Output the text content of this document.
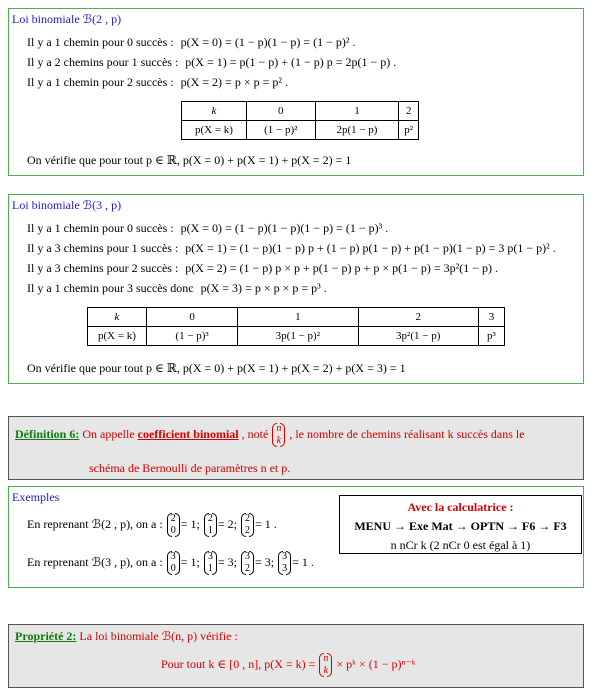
Loi binomiale ℬ(2 , p)
Il y a 1 chemin pour 0 succès : p(X = 0) = (1 − p)(1 − p) = (1 − p)² .
Il y a 2 chemins pour 1 succès : p(X = 1) = p(1 − p) + (1 − p) p = 2p(1 − p) .
Il y a 1 chemin pour 2 succès : p(X = 2) = p × p = p² .
k	0	1	2
p(X = k)	(1 − p)²	2p(1 − p)	p²
On vérifie que pour tout p ∈ ℝ, p(X = 0) + p(X = 1) + p(X = 2) = 1
Loi binomiale ℬ(3 , p)
Il y a 1 chemin pour 0 succès : p(X = 0) = (1 − p)(1 − p)(1 − p) = (1 − p)³ .
Il y a 3 chemins pour 1 succès : p(X = 1) = (1 − p)(1 − p) p + (1 − p) p(1 − p) + p(1 − p)(1 − p) = 3 p(1 − p)² .
Il y a 3 chemins pour 2 succès : p(X = 2) = (1 − p) p × p + p(1 − p) p + p × p(1 − p) = 3p²(1 − p) .
Il y a 1 chemin pour 3 succès donc p(X = 3) = p × p × p = p³ .
k	0	1	2	3
p(X = k)	(1 − p)³	3p(1 − p)²	3p²(1 − p)	p³
On vérifie que pour tout p ∈ ℝ, p(X = 0) + p(X = 1) + p(X = 2) + p(X = 3) = 1
Définition 6: On appelle coefficient binomial , noté n
k , le nombre de chemins réalisant k succès dans le
schéma de Bernoulli de paramètres n et p.
Exemples
En reprenant ℬ(2 , p), on a : 2
0 = 1; 2
1 = 2; 2
2 = 1 .
En reprenant ℬ(3 , p), on a : 3
0 = 1; 3
1 = 3; 3
2 = 3; 3
3 = 1 .
Avec la calculatrice :
MENU → Exe Mat → OPTN → F6 → F3
n nCr k (2 nCr 0 est égal à 1)
Propriété 2: La loi binomiale ℬ(n, p) vérifie :
Pour tout k ∈ [0 , n], p(X = k) = n
k × pᵏ × (1 − p)ⁿ⁻ᵏ
